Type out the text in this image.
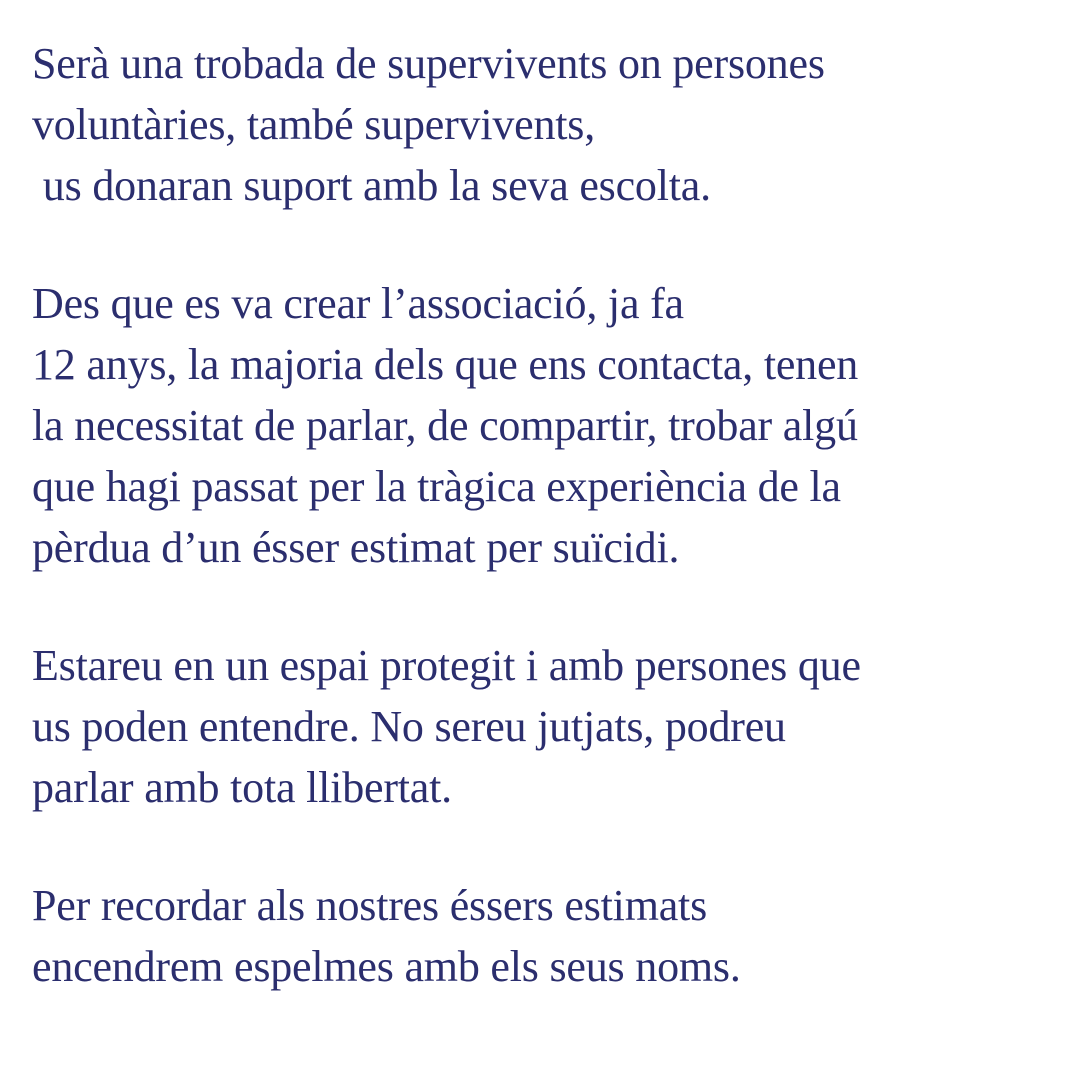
Serà una trobada de supervivents on persones
voluntàries, també supervivents,
us donaran suport amb la seva escolta.

Des que es va crear l’associació, ja fa
12 anys, la majoria dels que ens contacta, tenen
la necessitat de parlar, de compartir, trobar algú
que hagi passat per la tràgica experiència de la
pèrdua d’un ésser estimat per suïcidi.

Estareu en un espai protegit i amb persones que
us poden entendre. No sereu jutjats, podreu
parlar amb tota llibertat.

Per recordar als nostres éssers estimats
encendrem espelmes amb els seus noms.
